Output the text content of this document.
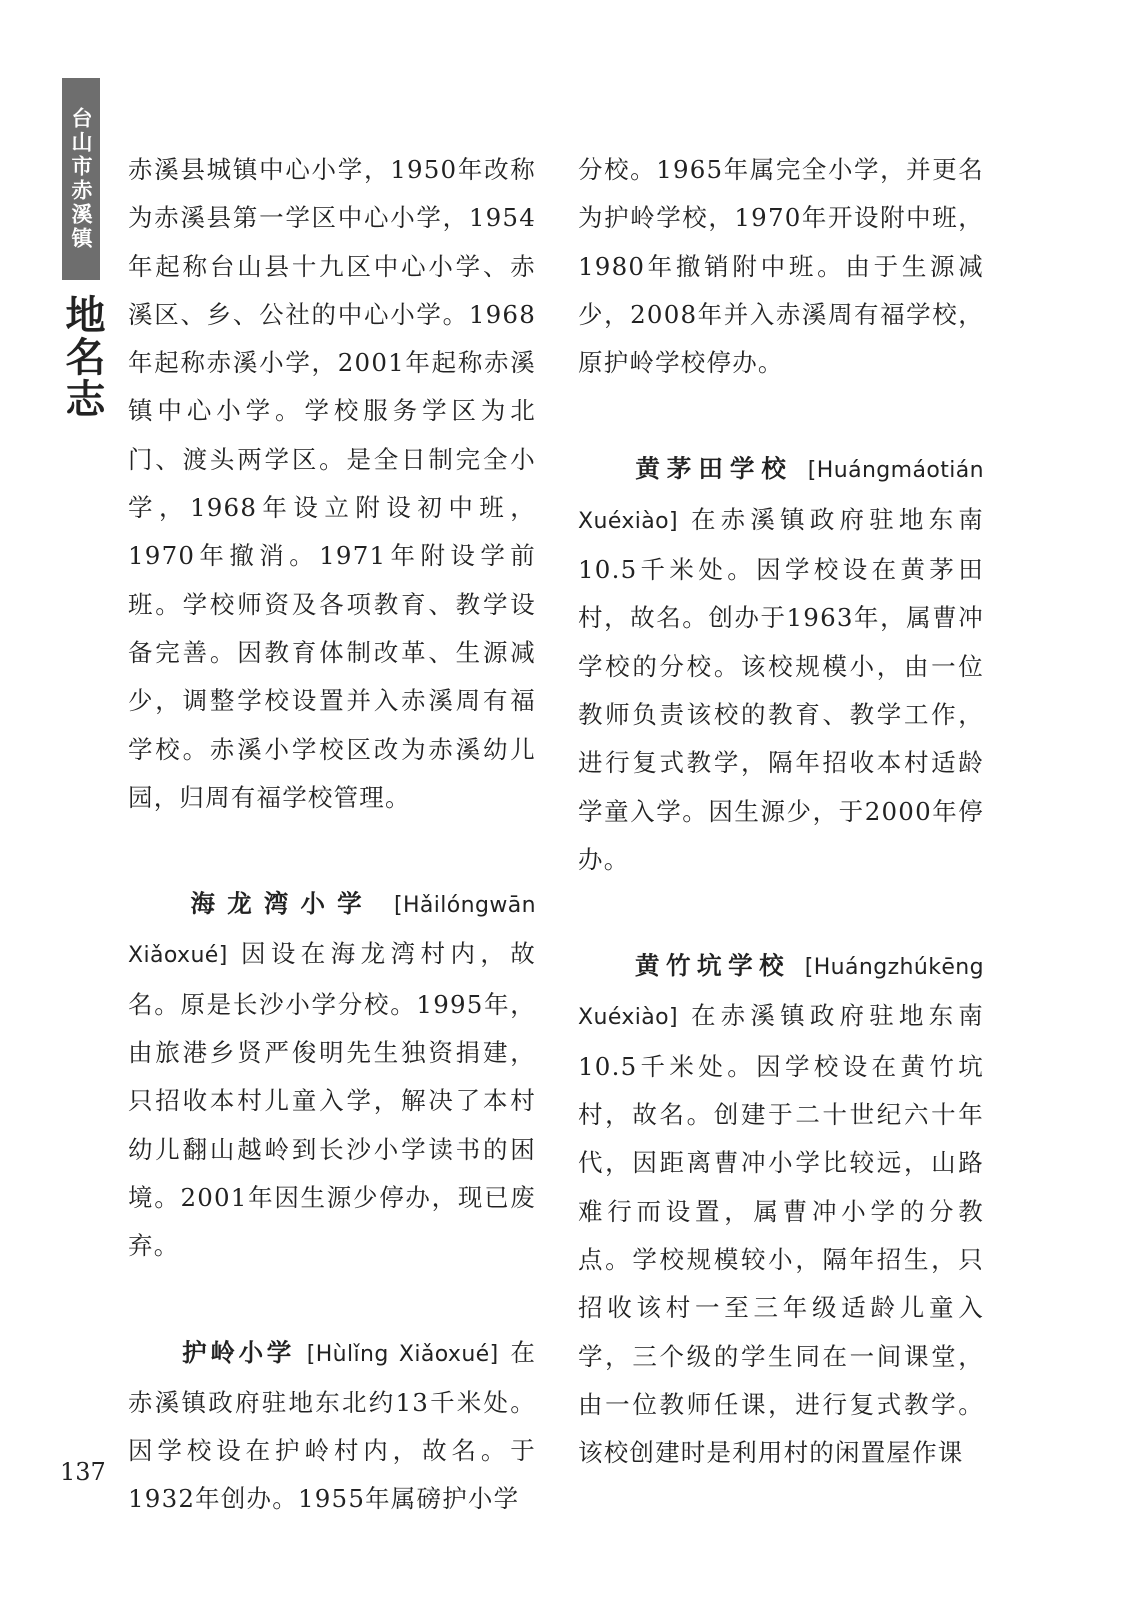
台山市赤溪镇
地名志

赤溪县城镇中心小学，1950年改称为赤溪县第一学区中心小学，1954年起称台山县十九区中心小学、赤溪区、乡、公社的中心小学。1968年起称赤溪小学，2001年起称赤溪镇中心小学。学校服务学区为北门、渡头两学区。是全日制完全小学，1968年设立附设初中班，1970年撤消。1971年附设学前班。学校师资及各项教育、教学设备完善。因教育体制改革、生源减少，调整学校设置并入赤溪周有福学校。赤溪小学校区改为赤溪幼儿园，归周有福学校管理。

  海龙湾小学 [Hǎilóngwān Xiǎoxué] 因设在海龙湾村内，故名。原是长沙小学分校。1995年，由旅港乡贤严俊明先生独资捐建，只招收本村儿童入学，解决了本村幼儿翻山越岭到长沙小学读书的困境。2001年因生源少停办，现已废弃。

  护岭小学 [Hùlǐng Xiǎoxué] 在赤溪镇政府驻地东北约13千米处。因学校设在护岭村内，故名。于1932年创办。1955年属磅护小学

分校。1965年属完全小学，并更名为护岭学校，1970年开设附中班，1980年撤销附中班。由于生源减少，2008年并入赤溪周有福学校，原护岭学校停办。

  黄茅田学校 [Huángmáotián Xuéxiào] 在赤溪镇政府驻地东南10.5千米处。因学校设在黄茅田村，故名。创办于1963年，属曹冲学校的分校。该校规模小，由一位教师负责该校的教育、教学工作，进行复式教学，隔年招收本村适龄学童入学。因生源少，于2000年停办。

  黄竹坑学校 [Huángzhúkēng Xuéxiào] 在赤溪镇政府驻地东南10.5千米处。因学校设在黄竹坑村，故名。创建于二十世纪六十年代，因距离曹冲小学比较远，山路难行而设置，属曹冲小学的分教点。学校规模较小，隔年招生，只招收该村一至三年级适龄儿童入学，三个级的学生同在一间课堂，由一位教师任课，进行复式教学。该校创建时是利用村的闲置屋作课

137
